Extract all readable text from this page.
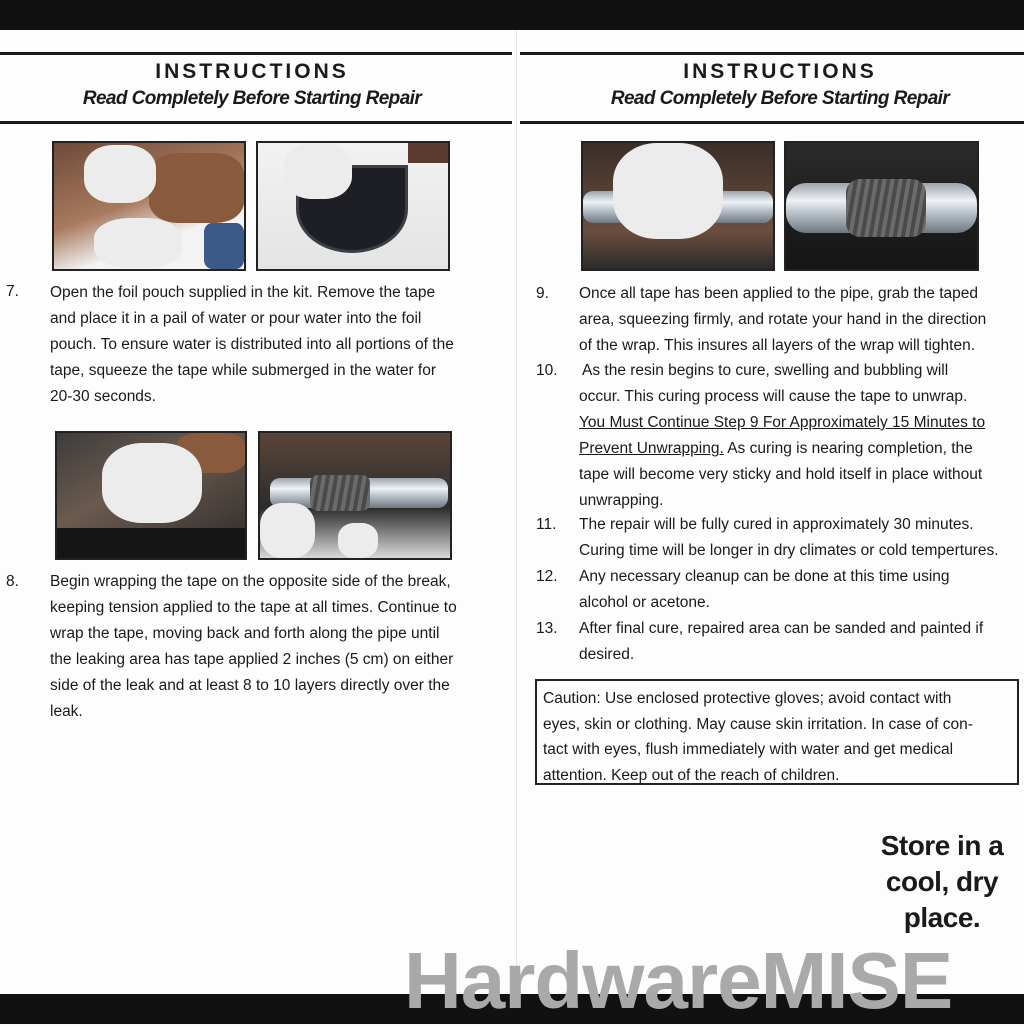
INSTRUCTIONS
Read Completely Before Starting Repair
INSTRUCTIONS
Read Completely Before Starting Repair
7. Open the foil pouch supplied in the kit. Remove the tape
and place it in a pail of water or pour water into the foil
pouch. To ensure water is distributed into all portions of the
tape, squeeze the tape while submerged in the water for
20-30 seconds.
8. Begin wrapping the tape on the opposite side of the break,
keeping tension applied to the tape at all times. Continue to
wrap the tape, moving back and forth along the pipe until
the leaking area has tape applied 2 inches (5 cm) on either
side of the leak and at least 8 to 10 layers directly over the
leak.
9. Once all tape has been applied to the pipe, grab the taped
area, squeezing firmly, and rotate your hand in the direction
of the wrap. This insures all layers of the wrap will tighten.
10. As the resin begins to cure, swelling and bubbling will
occur. This curing process will cause the tape to unwrap.
You Must Continue Step 9 For Approximately 15 Minutes to
Prevent Unwrapping. As curing is nearing completion, the
tape will become very sticky and hold itself in place without
unwrapping.
11. The repair will be fully cured in approximately 30 minutes.
Curing time will be longer in dry climates or cold tempertures.
12. Any necessary cleanup can be done at this time using
alcohol or acetone.
13. After final cure, repaired area can be sanded and painted if
desired.
Caution: Use enclosed protective gloves; avoid contact with
eyes, skin or clothing. May cause skin irritation. In case of con-
tact with eyes, flush immediately with water and get medical
attention. Keep out of the reach of children.
Store in a
cool, dry
place.
HardwareMISE
